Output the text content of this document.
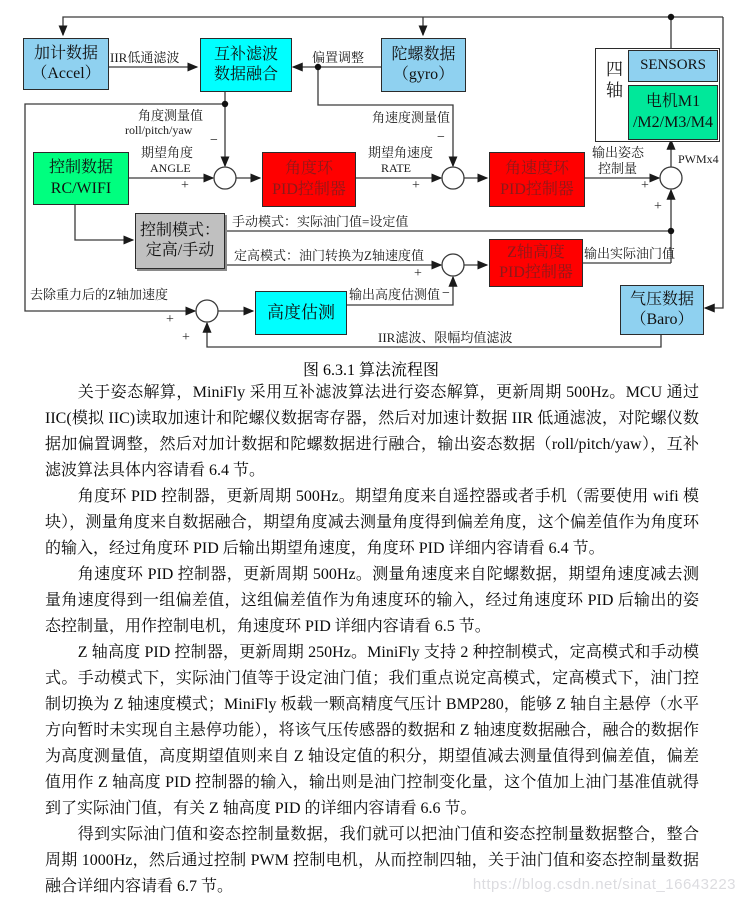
加计数据
（Accel）
互补滤波
数据融合
陀螺数据
（gyro）	四轴 SENSORS
电机M1
/M2/M3/M4
控制数据
RC/WIFI
角度环
PID控制器
角速度环
PID控制器
控制模式：
定高/手动	Z轴高度
PID控制器
高度估测
气压数据
（Baro）
IIR低通滤波	偏置调整
角度测量值
roll/pitch/yaw
期望角度
ANGLE
角速度测量值
期望角速度
RATE
输出姿态
控制量
PWMx4
手动模式：实际油门值=设定值
定高模式：油门转换为Z轴速度值
去除重力后的Z轴加速度	输出高度估测值
输出实际油门值
IIR滤波、限幅均值滤波
+
−
+
−
+
+
+
−
+
+
图 6.3.1 算法流程图

关于姿态解算，MiniFly 采用互补滤波算法进行姿态解算，更新周期 500Hz。MCU 通过IIC(模拟 IIC)读取加速计和陀螺仪数据寄存器，然后对加速计数据 IIR 低通滤波，对陀螺仪数据加偏置调整，然后对加计数据和陀螺数据进行融合，输出姿态数据（roll/pitch/yaw），互补滤波算法具体内容请看 6.4 节。

角度环 PID 控制器，更新周期 500Hz。期望角度来自遥控器或者手机（需要使用 wifi 模块），测量角度来自数据融合，期望角度减去测量角度得到偏差角度，这个偏差值作为角度环的输入，经过角度环 PID 后输出期望角速度，角度环 PID 详细内容请看 6.4 节。

角速度环 PID 控制器，更新周期 500Hz。测量角速度来自陀螺数据，期望角速度减去测量角速度得到一组偏差值，这组偏差值作为角速度环的输入，经过角速度环 PID 后输出的姿态控制量，用作控制电机，角速度环 PID 详细内容请看 6.5 节。

Z 轴高度 PID 控制器，更新周期 250Hz。MiniFly 支持 2 种控制模式，定高模式和手动模式。手动模式下，实际油门值等于设定油门值；我们重点说定高模式，定高模式下，油门控制切换为 Z 轴速度模式；MiniFly 板载一颗高精度气压计 BMP280，能够 Z 轴自主悬停（水平方向暂时未实现自主悬停功能），将该气压传感器的数据和 Z 轴速度数据融合，融合的数据作为高度测量值，高度期望值则来自 Z 轴设定值的积分，期望值减去测量值得到偏差值，偏差值用作 Z 轴高度 PID 控制器的输入，输出则是油门控制变化量，这个值加上油门基准值就得到了实际油门值，有关 Z 轴高度 PID 的详细内容请看 6.6 节。

得到实际油门值和姿态控制量数据，我们就可以把油门值和姿态控制量数据整合，整合周期 1000Hz，然后通过控制 PWM 控制电机，从而控制四轴，关于油门值和姿态控制量数据融合详细内容请看 6.7 节。	https://blog.csdn.net/sinat_16643223
